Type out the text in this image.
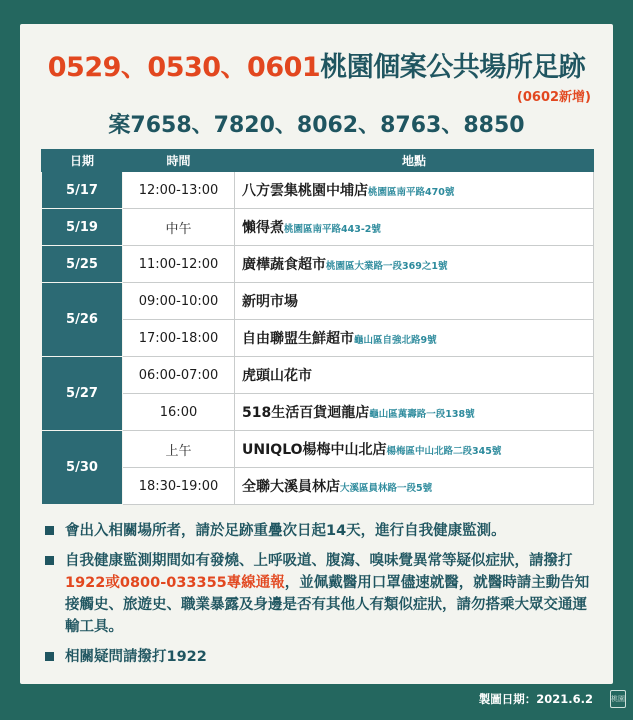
0529、0530、0601桃園個案公共場所足跡
(0602新增)
案7658、7820、8062、8763、8850
日期	時間	地點
5/17	12:00-13:00	八方雲集桃園中埔店桃園區南平路470號
5/19	中午	懶得煮桃園區南平路443-2號
5/25	11:00-12:00	廣樺蔬食超市桃園區大業路一段369之1號
5/26	09:00-10:00	新明市場
	17:00-18:00	自由聯盟生鮮超市龜山區自強北路9號
5/27	06:00-07:00	虎頭山花市
	16:00	518生活百貨迴龍店龜山區萬壽路一段138號
5/30	上午	UNIQLO楊梅中山北店楊梅區中山北路二段345號
	18:30-19:00	全聯大溪員林店大溪區員林路一段5號
會出入相關場所者，請於足跡重疊次日起14天，進行自我健康監測。
自我健康監測期間如有發燒、上呼吸道、腹瀉、嗅味覺異常等疑似症狀，請撥打1922或0800-033355專線通報，並佩戴醫用口罩儘速就醫，就醫時請主動告知接觸史、旅遊史、職業暴露及身邊是否有其他人有類似症狀，請勿搭乘大眾交通運輸工具。
相關疑問請撥打1922
製圖日期：2021.6.2	桃園
